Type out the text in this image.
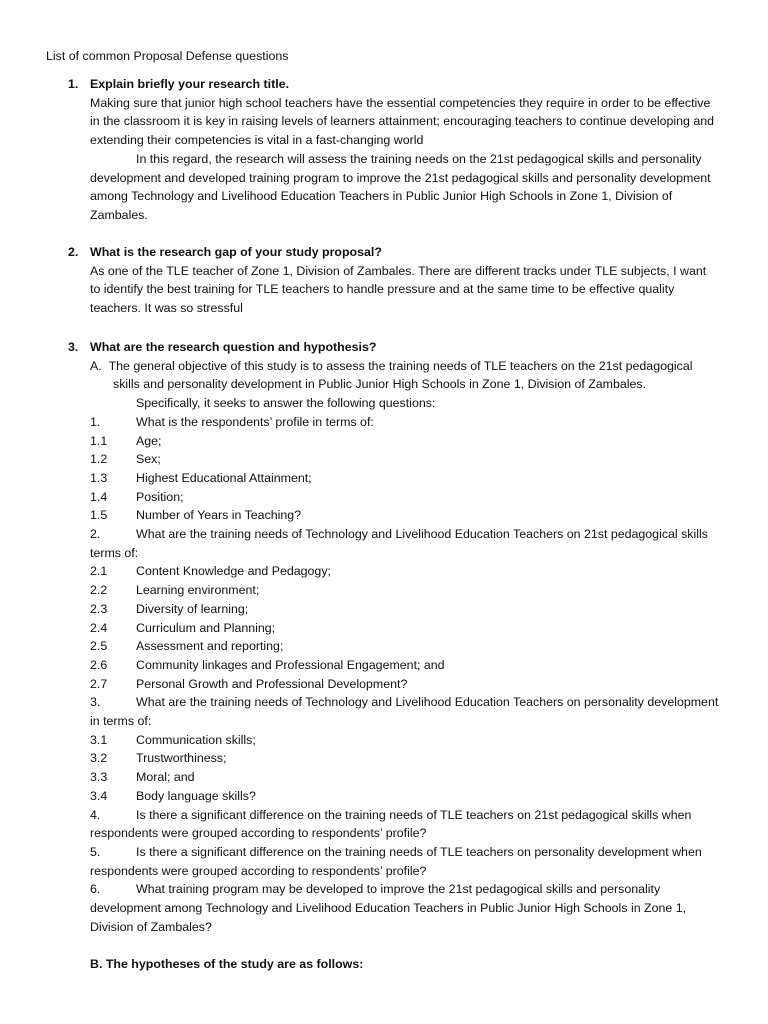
List of common Proposal Defense questions
1. Explain briefly your research title.
Making sure that junior high school teachers have the essential competencies they require in order to be effective in the classroom it is key in raising levels of learners attainment; encouraging teachers to continue developing and extending their competencies is vital in a fast-changing world
In this regard, the research will assess the training needs on the 21st pedagogical skills and personality development and developed training program to improve the 21st pedagogical skills and personality development among Technology and Livelihood Education Teachers in Public Junior High Schools in Zone 1, Division of Zambales.
2. What is the research gap of your study proposal?
As one of the TLE teacher of Zone 1, Division of Zambales. There are different tracks under TLE subjects, I want to identify the best training for TLE teachers to handle pressure and at the same time to be effective quality teachers. It was so stressful
3. What are the research question and hypothesis?
A.  The general objective of this study is to assess the training needs of TLE teachers on the 21st pedagogical skills and personality development in Public Junior High Schools in Zone 1, Division of Zambales.
Specifically, it seeks to answer the following questions:
1.	What is the respondents’ profile in terms of:
1.1 Age;
1.2 Sex;
1.3 Highest Educational Attainment;
1.4 Position;
1.5 Number of Years in Teaching?
2.	What are the training needs of Technology and Livelihood Education Teachers on 21st pedagogical skills terms of:
2.1 Content Knowledge and Pedagogy;
2.2 Learning environment;
2.3 Diversity of learning;
2.4 Curriculum and Planning;
2.5 Assessment and reporting;
2.6 Community linkages and Professional Engagement; and
2.7 Personal Growth and Professional Development?
3.	What are the training needs of Technology and Livelihood Education Teachers on personality development in terms of:
3.1 Communication skills;
3.2 Trustworthiness;
3.3 Moral; and
3.4 Body language skills?
4.	Is there a significant difference on the training needs of TLE teachers on 21st pedagogical skills when respondents were grouped according to respondents’ profile?
5.	Is there a significant difference on the training needs of TLE teachers on personality development when respondents were grouped according to respondents’ profile?
6.	What training program may be developed to improve the 21st pedagogical skills and personality development among Technology and Livelihood Education Teachers in Public Junior High Schools in Zone 1, Division of Zambales?
B. The hypotheses of the study are as follows:
